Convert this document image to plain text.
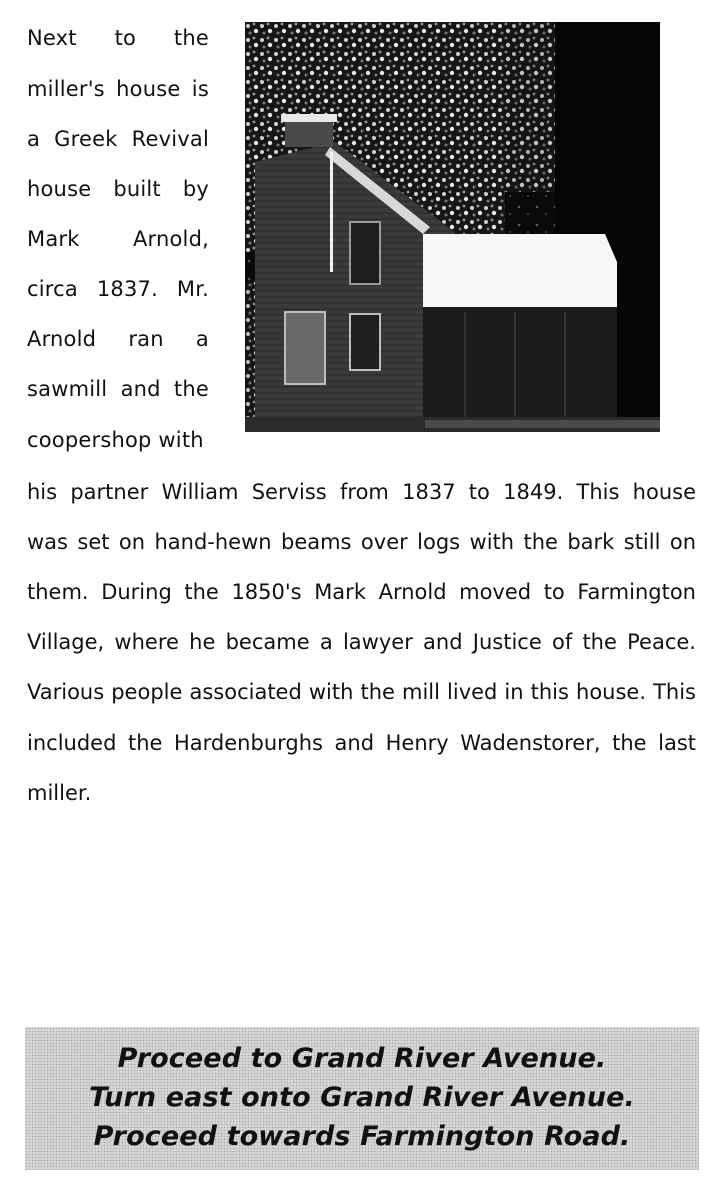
Next to the
miller's house is
a Greek Revival
house built by
Mark Arnold,
circa 1837. Mr.
Arnold ran a
sawmill and the
coopershop with
his partner William Serviss from 1837 to 1849. This house
was set on hand-hewn beams over logs with the bark still on
them. During the 1850's Mark Arnold moved to Farmington
Village, where he became a lawyer and Justice of the Peace.
Various people associated with the mill lived in this house. This
included the Hardenburghs and Henry Wadenstorer, the last
miller.
Proceed to Grand River Avenue.
Turn east onto Grand River Avenue.
Proceed towards Farmington Road.
